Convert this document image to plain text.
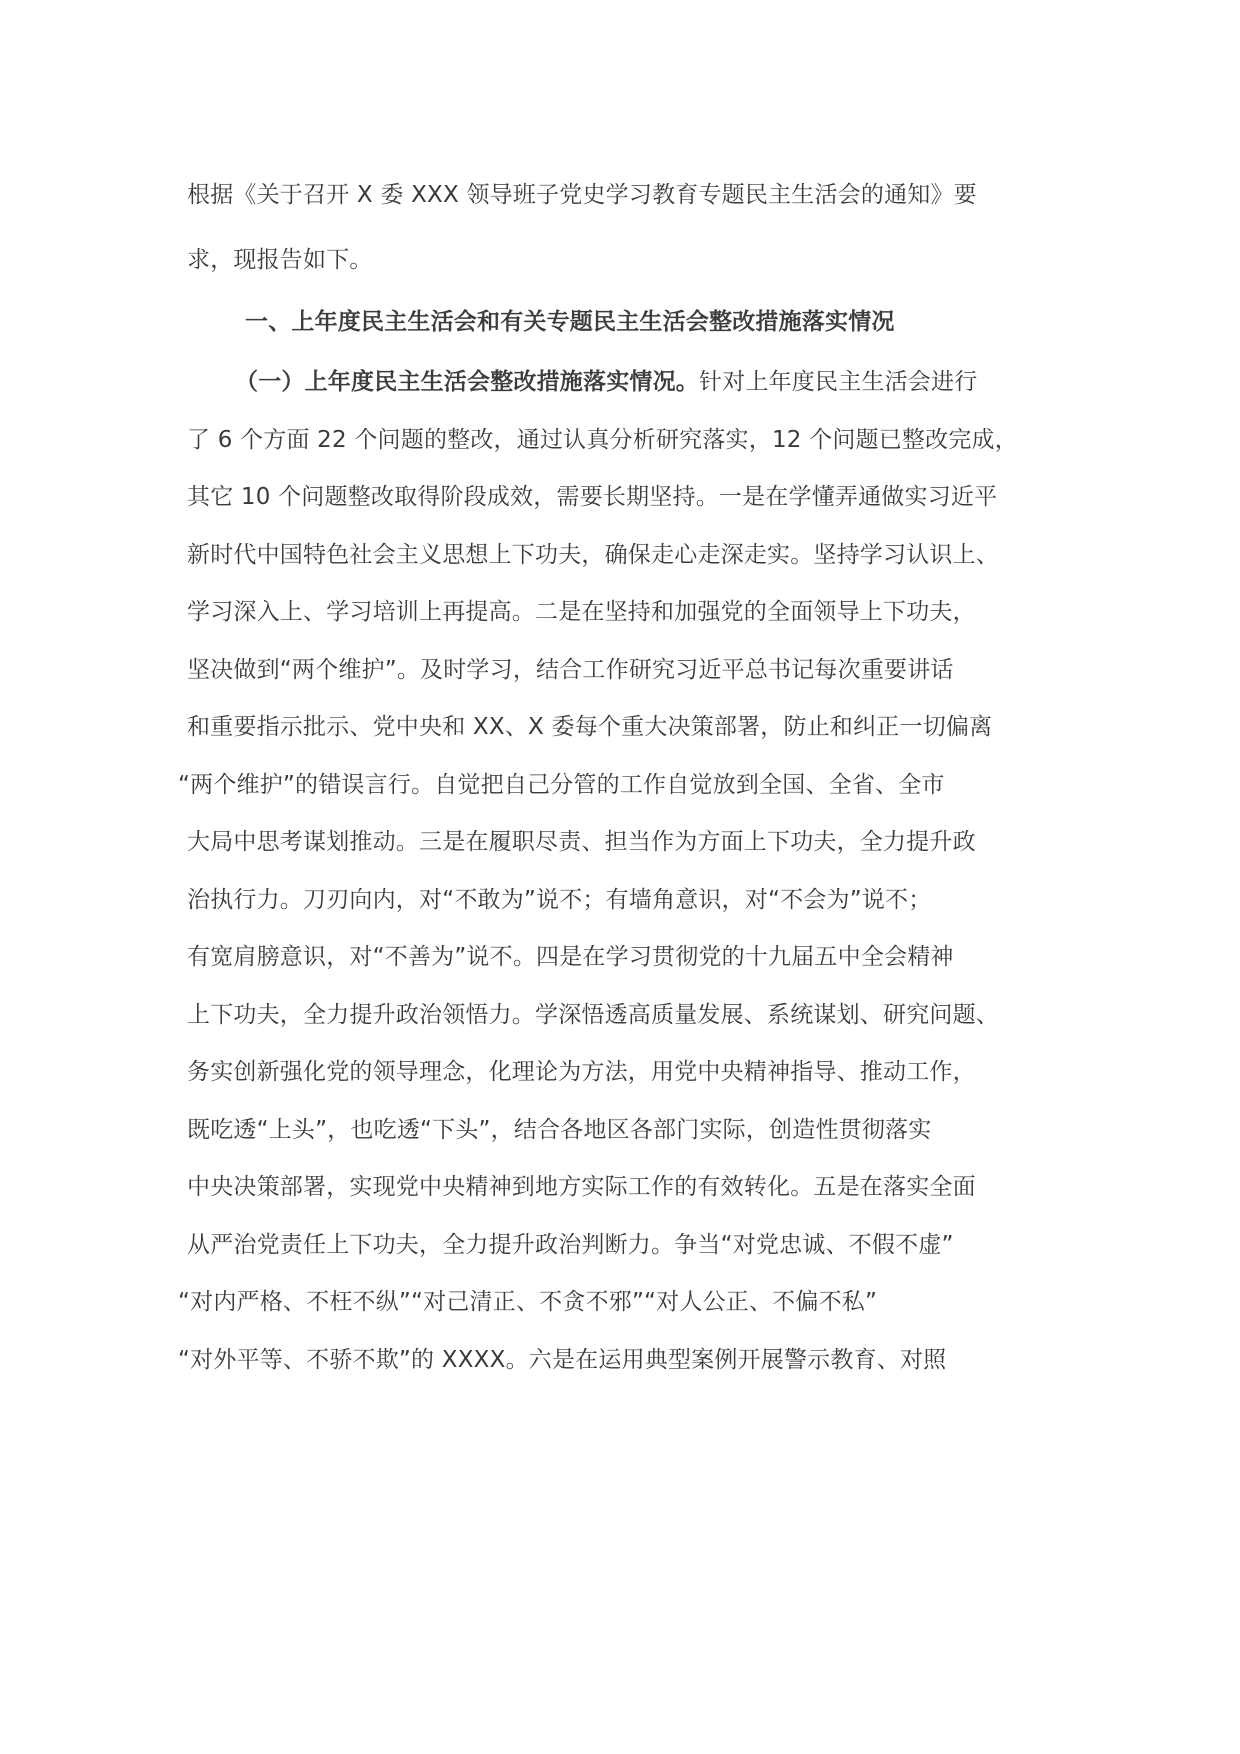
根据《关于召开 X 委 XXX 领导班子党史学习教育专题民主生活会的通知》要
求，现报告如下。
一、上年度民主生活会和有关专题民主生活会整改措施落实情况
（一）上年度民主生活会整改措施落实情况。针对上年度民主生活会进行
了 6 个方面 22 个问题的整改，通过认真分析研究落实，12 个问题已整改完成，
其它 10 个问题整改取得阶段成效，需要长期坚持。一是在学懂弄通做实习近平
新时代中国特色社会主义思想上下功夫，确保走心走深走实。坚持学习认识上、
学习深入上、学习培训上再提高。二是在坚持和加强党的全面领导上下功夫，
坚决做到“两个维护”。及时学习，结合工作研究习近平总书记每次重要讲话
和重要指示批示、党中央和 XX、X 委每个重大决策部署，防止和纠正一切偏离
“两个维护”的错误言行。自觉把自己分管的工作自觉放到全国、全省、全市
大局中思考谋划推动。三是在履职尽责、担当作为方面上下功夫，全力提升政
治执行力。刀刃向内，对“不敢为”说不；有墙角意识，对“不会为”说不；
有宽肩膀意识，对“不善为”说不。四是在学习贯彻党的十九届五中全会精神
上下功夫，全力提升政治领悟力。学深悟透高质量发展、系统谋划、研究问题、
务实创新强化党的领导理念，化理论为方法，用党中央精神指导、推动工作，
既吃透“上头”，也吃透“下头”，结合各地区各部门实际，创造性贯彻落实
中央决策部署，实现党中央精神到地方实际工作的有效转化。五是在落实全面
从严治党责任上下功夫，全力提升政治判断力。争当“对党忠诚、不假不虚”
“对内严格、不枉不纵”“对己清正、不贪不邪”“对人公正、不偏不私”
“对外平等、不骄不欺”的 XXXX。六是在运用典型案例开展警示教育、对照
